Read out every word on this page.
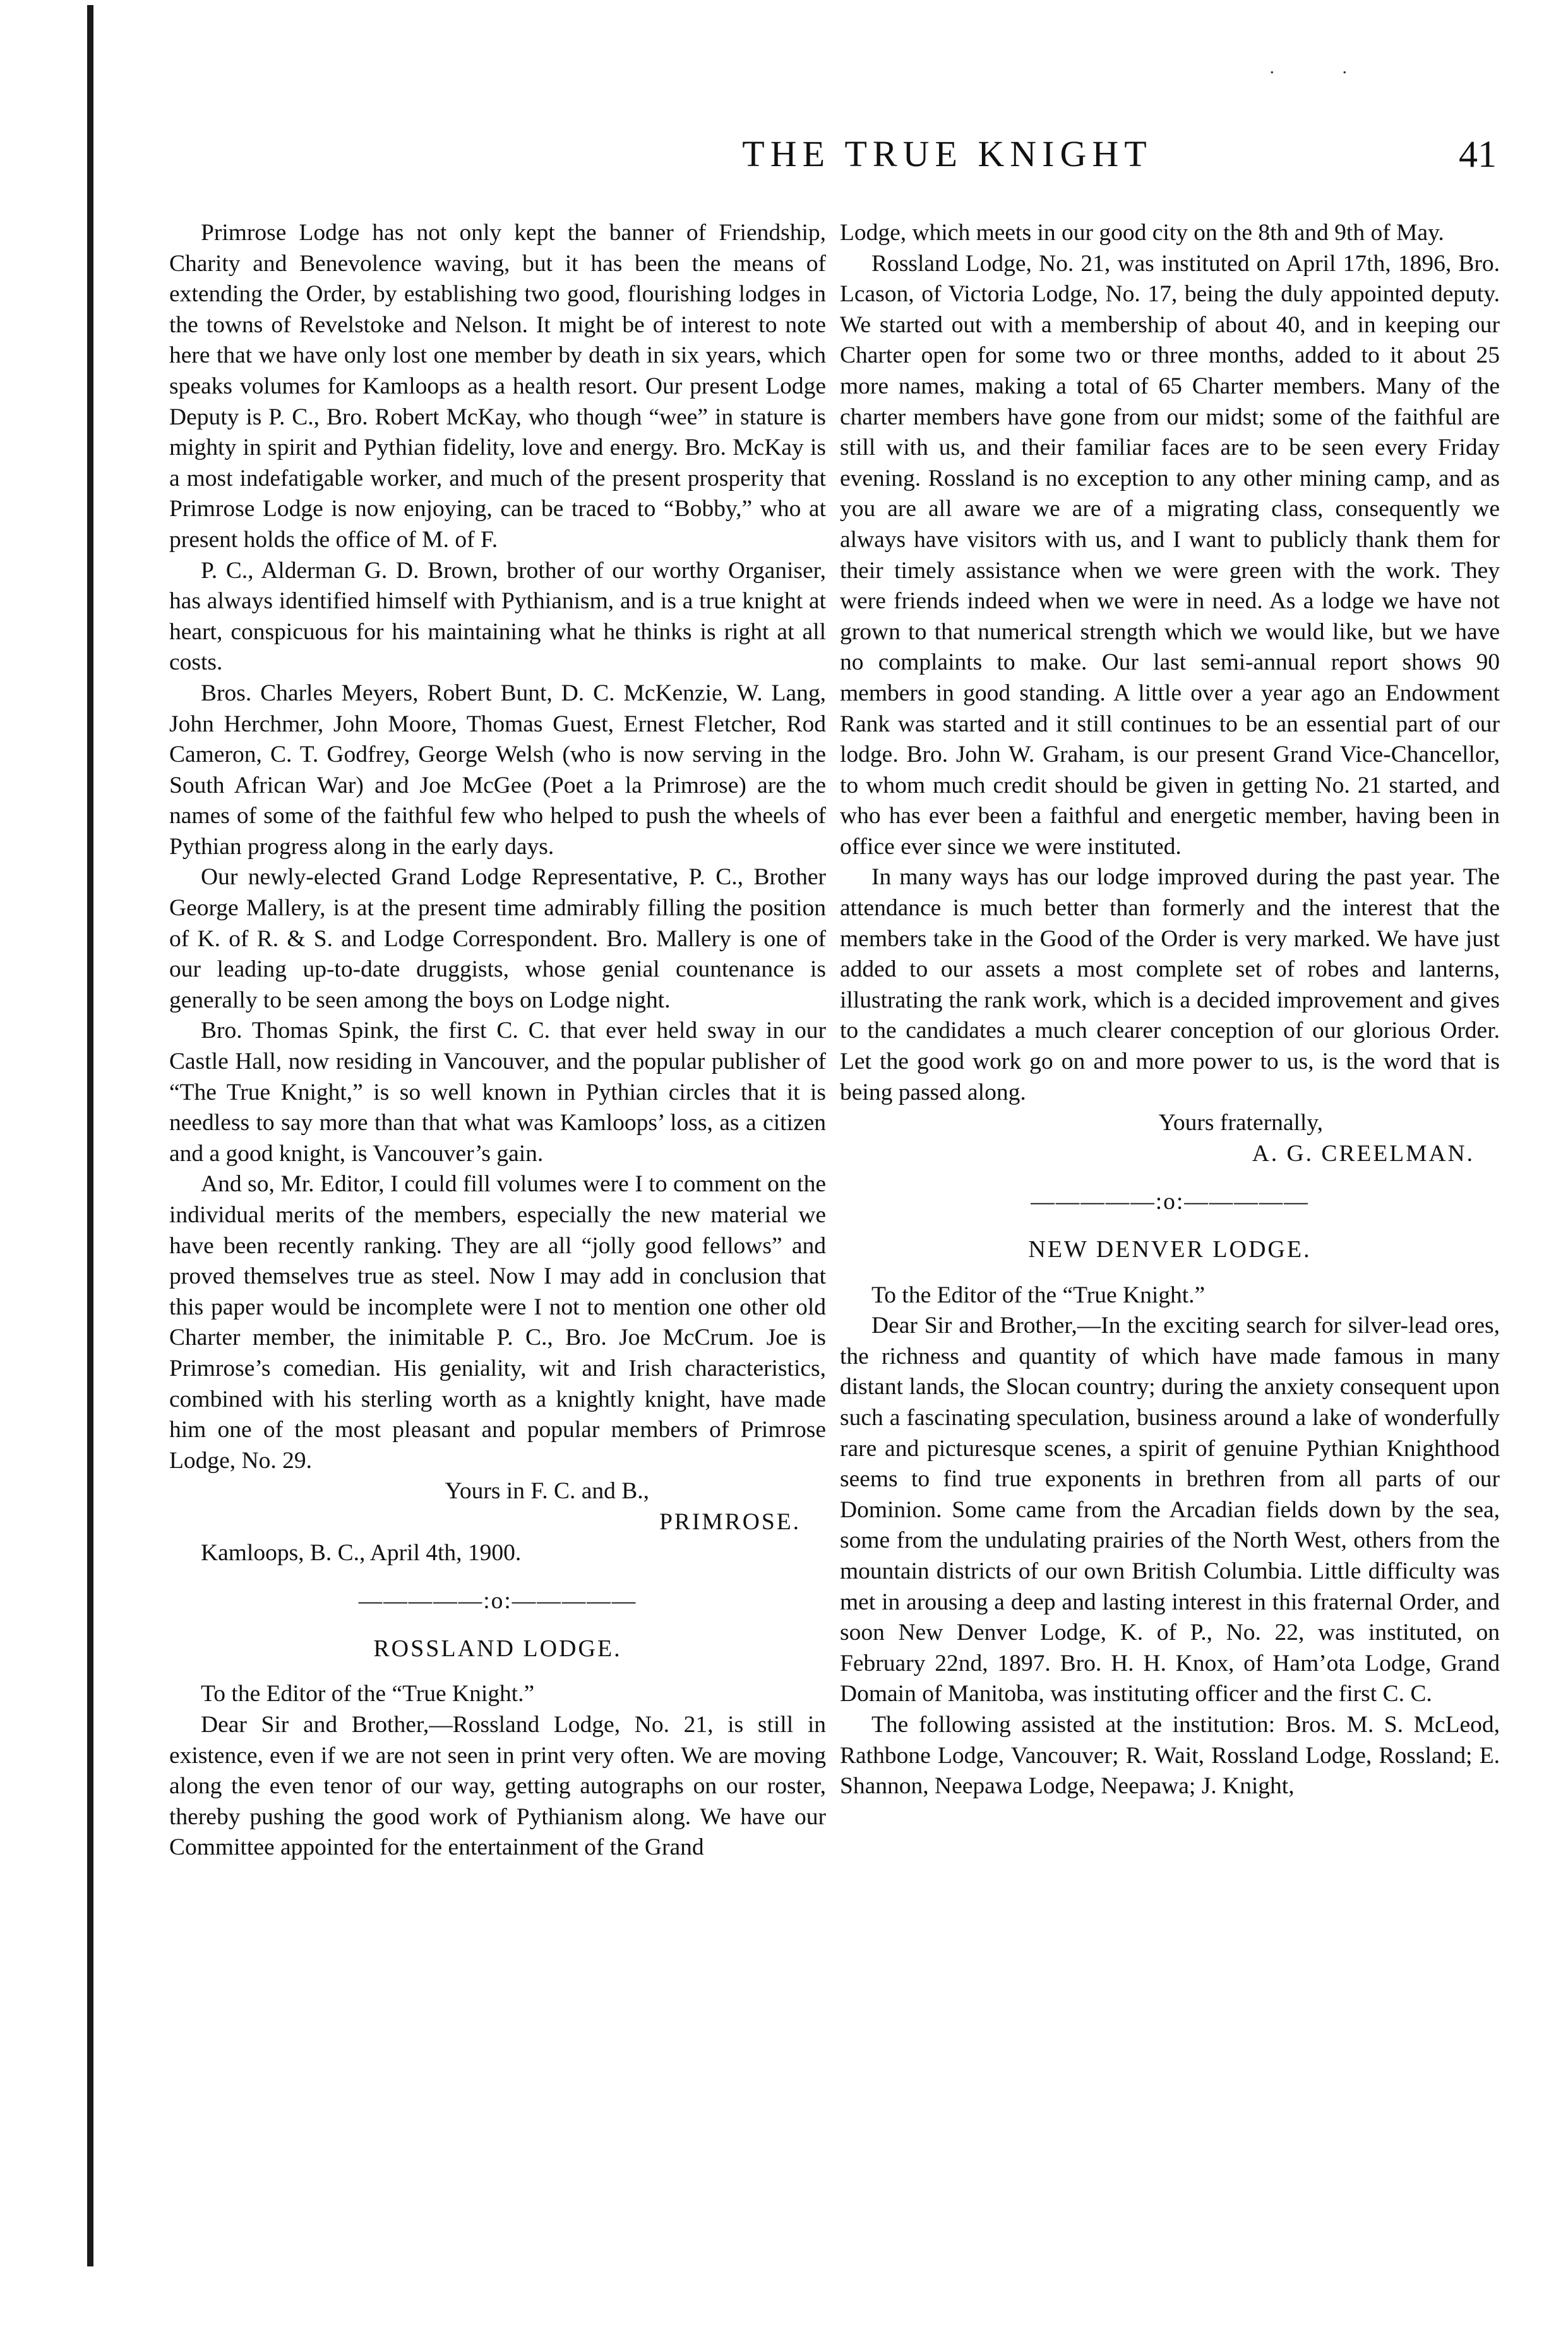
. .
THE TRUE KNIGHT	41

Primrose Lodge has not only kept the banner of Friendship, Charity and Benevolence waving, but it has been the means of extending the Order, by establishing two good, flourishing lodges in the towns of Revelstoke and Nelson. It might be of interest to note here that we have only lost one member by death in six years, which speaks volumes for Kamloops as a health resort. Our present Lodge Deputy is P. C., Bro. Robert McKay, who though “wee” in stature is mighty in spirit and Pythian fidelity, love and energy. Bro. McKay is a most indefatigable worker, and much of the present prosperity that Primrose Lodge is now enjoying, can be traced to “Bobby,” who at present holds the office of M. of F.

P. C., Alderman G. D. Brown, brother of our worthy Organiser, has always identified himself with Pythianism, and is a true knight at heart, conspicuous for his maintaining what he thinks is right at all costs.

Bros. Charles Meyers, Robert Bunt, D. C. McKenzie, W. Lang, John Herchmer, John Moore, Thomas Guest, Ernest Fletcher, Rod Cameron, C. T. Godfrey, George Welsh (who is now serving in the South African War) and Joe McGee (Poet a la Primrose) are the names of some of the faithful few who helped to push the wheels of Pythian progress along in the early days.

Our newly-elected Grand Lodge Representative, P. C., Brother George Mallery, is at the present time admirably filling the position of K. of R. & S. and Lodge Correspondent. Bro. Mallery is one of our leading up-to-date druggists, whose genial countenance is generally to be seen among the boys on Lodge night.

Bro. Thomas Spink, the first C. C. that ever held sway in our Castle Hall, now residing in Vancouver, and the popular publisher of “The True Knight,” is so well known in Pythian circles that it is needless to say more than that what was Kamloops’ loss, as a citizen and a good knight, is Vancouver’s gain.

And so, Mr. Editor, I could fill volumes were I to comment on the individual merits of the members, especially the new material we have been recently ranking. They are all “jolly good fellows” and proved themselves true as steel. Now I may add in conclusion that this paper would be incomplete were I not to mention one other old Charter member, the inimitable P. C., Bro. Joe McCrum. Joe is Primrose’s comedian. His geniality, wit and Irish characteristics, combined with his sterling worth as a knightly knight, have made him one of the most pleasant and popular members of Primrose Lodge, No. 29.

Yours in F. C. and B.,

PRIMROSE.

Kamloops, B. C., April 4th, 1900.

—————:o:—————
ROSSLAND LODGE.

To the Editor of the “True Knight.”

Dear Sir and Brother,—Rossland Lodge, No. 21, is still in existence, even if we are not seen in print very often. We are moving along the even tenor of our way, getting autographs on our roster, thereby pushing the good work of Pythianism along. We have our Committee appointed for the entertainment of the Grand

Lodge, which meets in our good city on the 8th and 9th of May.

Rossland Lodge, No. 21, was instituted on April 17th, 1896, Bro. Lcason, of Victoria Lodge, No. 17, being the duly appointed deputy. We started out with a membership of about 40, and in keeping our Charter open for some two or three months, added to it about 25 more names, making a total of 65 Charter members. Many of the charter members have gone from our midst; some of the faithful are still with us, and their familiar faces are to be seen every Friday evening. Rossland is no exception to any other mining camp, and as you are all aware we are of a migrating class, consequently we always have visitors with us, and I want to publicly thank them for their timely assistance when we were green with the work. They were friends indeed when we were in need. As a lodge we have not grown to that numerical strength which we would like, but we have no complaints to make. Our last semi-annual report shows 90 members in good standing. A little over a year ago an Endowment Rank was started and it still continues to be an essential part of our lodge. Bro. John W. Graham, is our present Grand Vice-Chancellor, to whom much credit should be given in getting No. 21 started, and who has ever been a faithful and energetic member, having been in office ever since we were instituted.

In many ways has our lodge improved during the past year. The attendance is much better than formerly and the interest that the members take in the Good of the Order is very marked. We have just added to our assets a most complete set of robes and lanterns, illustrating the rank work, which is a decided improvement and gives to the candidates a much clearer conception of our glorious Order. Let the good work go on and more power to us, is the word that is being passed along.

Yours fraternally,

A. G. CREELMAN.

—————:o:—————
NEW DENVER LODGE.

To the Editor of the “True Knight.”

Dear Sir and Brother,—In the exciting search for silver-lead ores, the richness and quantity of which have made famous in many distant lands, the Slocan country; during the anxiety consequent upon such a fascinating speculation, business around a lake of wonderfully rare and picturesque scenes, a spirit of genuine Pythian Knighthood seems to find true exponents in brethren from all parts of our Dominion. Some came from the Arcadian fields down by the sea, some from the undulating prairies of the North West, others from the mountain districts of our own British Columbia. Little difficulty was met in arousing a deep and lasting interest in this fraternal Order, and soon New Denver Lodge, K. of P., No. 22, was instituted, on February 22nd, 1897. Bro. H. H. Knox, of Ham’ota Lodge, Grand Domain of Manitoba, was instituting officer and the first C. C.

The following assisted at the institution: Bros. M. S. McLeod, Rathbone Lodge, Vancouver; R. Wait, Rossland Lodge, Rossland; E. Shannon, Neepawa Lodge, Neepawa; J. Knight,
